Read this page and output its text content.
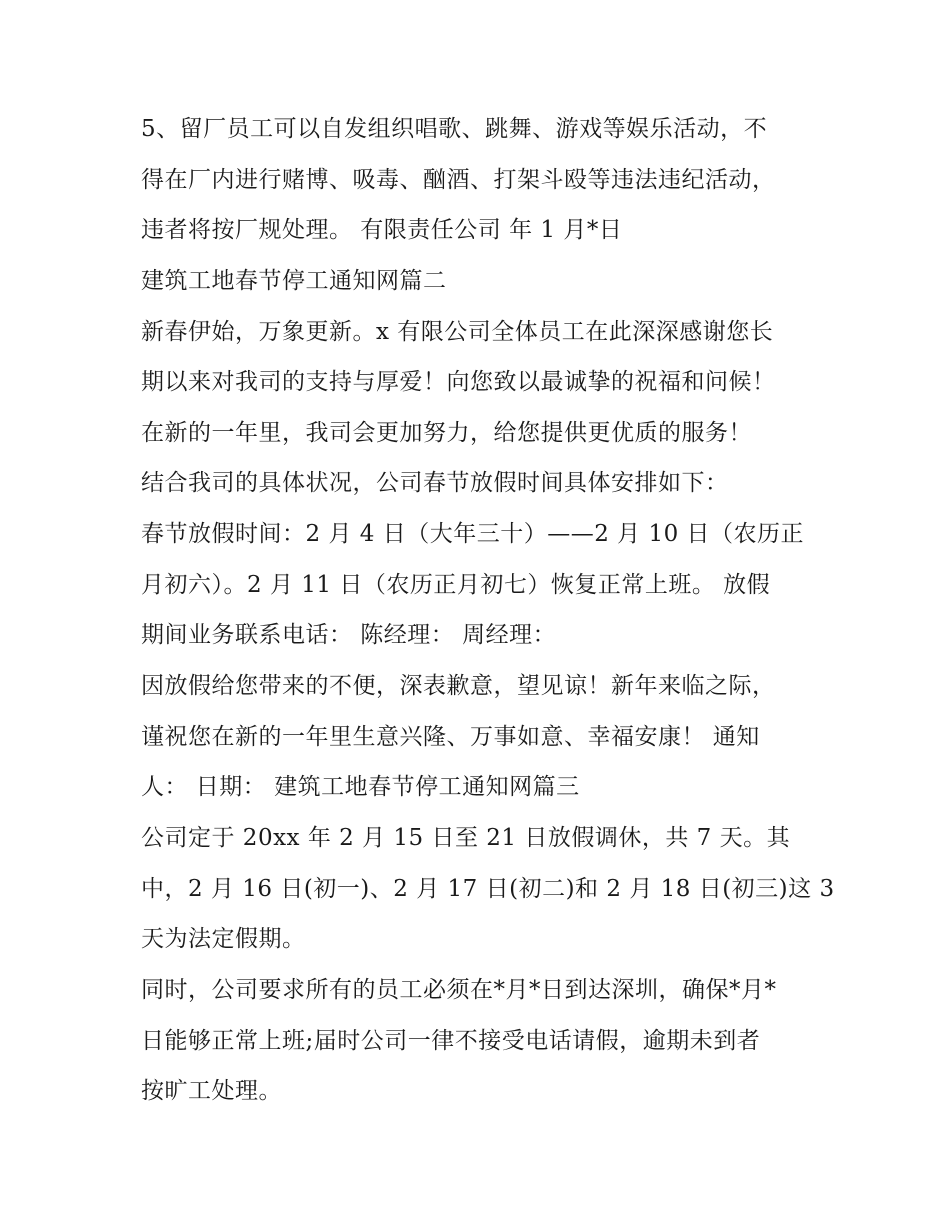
5、留厂员工可以自发组织唱歌、跳舞、游戏等娱乐活动，不

得在厂内进行赌博、吸毒、酗酒、打架斗殴等违法违纪活动，

违者将按厂规处理。 有限责任公司 年 1 月*日

建筑工地春节停工通知网篇二

新春伊始，万象更新。x 有限公司全体员工在此深深感谢您长

期以来对我司的支持与厚爱！向您致以最诚挚的祝福和问候！

在新的一年里，我司会更加努力，给您提供更优质的服务！

结合我司的具体状况，公司春节放假时间具体安排如下：

春节放假时间：2 月 4 日（大年三十）——2 月 10 日（农历正

月初六）。2 月 11 日（农历正月初七）恢复正常上班。 放假

期间业务联系电话： 陈经理： 周经理：

因放假给您带来的不便，深表歉意，望见谅！新年来临之际，

谨祝您在新的一年里生意兴隆、万事如意、幸福安康！ 通知

人： 日期： 建筑工地春节停工通知网篇三

公司定于 20xx 年 2 月 15 日至 21 日放假调休，共 7 天。其

中，2 月 16 日(初一)、2 月 17 日(初二)和 2 月 18 日(初三)这 3

天为法定假期。

同时，公司要求所有的员工必须在*月*日到达深圳，确保*月*

日能够正常上班;届时公司一律不接受电话请假，逾期未到者

按旷工处理。
